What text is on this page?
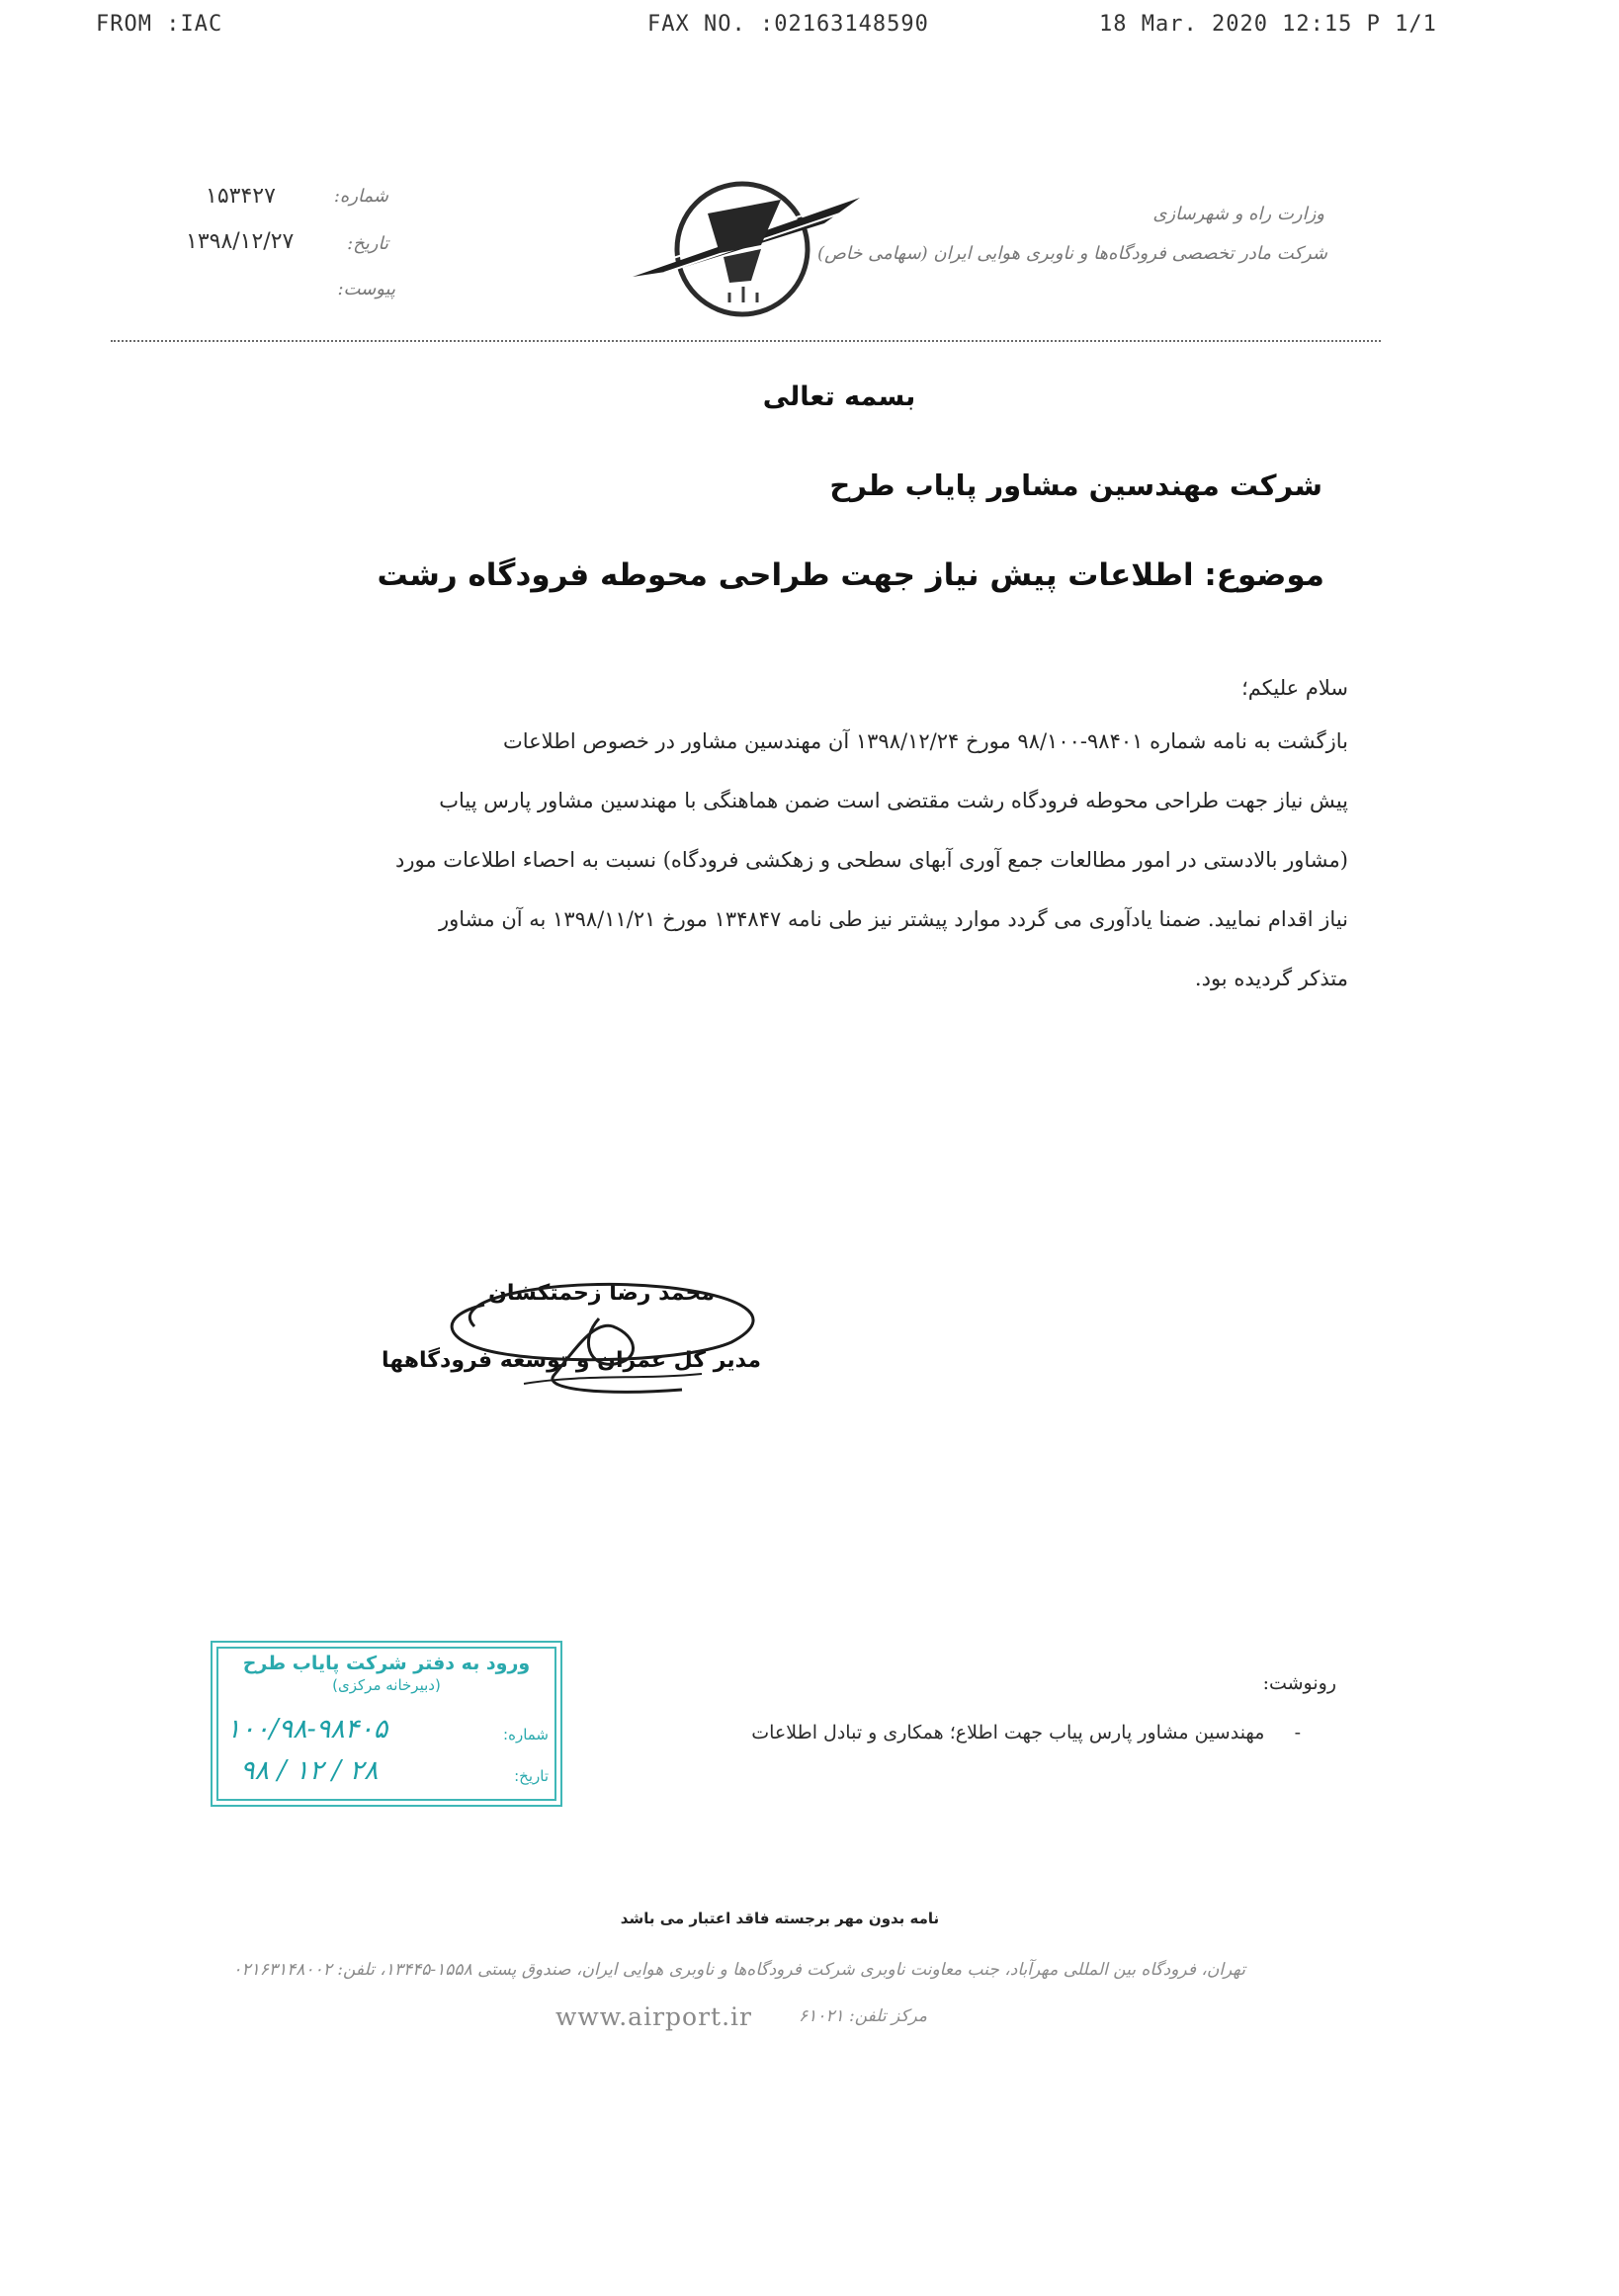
FROM :IAC	FAX NO. :02163148590	18 Mar. 2020 12:15 P 1/1
وزارت راه و شهرسازی
شرکت مادر تخصصی فرودگاه‌ها و ناوبری هوایی ایران (سهامی خاص)
شماره:
۱۵۳۴۲۷
تاریخ:
۱۳۹۸/۱۲/۲۷
پیوست:
بسمه تعالی
شرکت مهندسین مشاور پایاب طرح
موضوع: اطلاعات پیش نیاز جهت طراحی محوطه فرودگاه رشت
سلام علیکم؛

بازگشت به نامه شماره ۹۸۴۰۱-۹۸/۱۰۰ مورخ ۱۳۹۸/۱۲/۲۴ آن مهندسین مشاور در خصوص اطلاعات

پیش نیاز جهت طراحی محوطه فرودگاه رشت مقتضی است ضمن هماهنگی با مهندسین مشاور پارس پیاب

(مشاور بالادستی در امور مطالعات جمع آوری آبهای سطحی و زهکشی فرودگاه) نسبت به احصاء اطلاعات مورد

نیاز اقدام نمایید. ضمنا یادآوری می گردد موارد پیشتر نیز طی نامه ۱۳۴۸۴۷ مورخ ۱۳۹۸/۱۱/۲۱ به آن مشاور

متذکر گردیده بود.

محمد رضا زحمتکشان
مدیر کل عمران و توسعه فرودگاهها
ورود به دفتر شرکت پایاب طرح
(دبیرخانه مرکزی)
شماره:
۱۰۰/۹۸-۹۸۴۰۵
تاریخ:
۹۸ / ۱۲ / ۲۸
رونوشت:
-     مهندسین مشاور پارس پیاب جهت اطلاع؛ همکاری و تبادل اطلاعات
نامه بدون مهر برجسته فاقد اعتبار می باشد
تهران، فرودگاه بین المللی مهرآباد، جنب معاونت ناوبری شرکت فرودگاه‌ها و ناوبری هوایی ایران، صندوق پستی ۱۵۵۸-۱۳۴۴۵، تلفن: ۰۲۱۶۳۱۴۸۰۰۲
مرکز تلفن: ۶۱۰۲۱
www.airport.ir
